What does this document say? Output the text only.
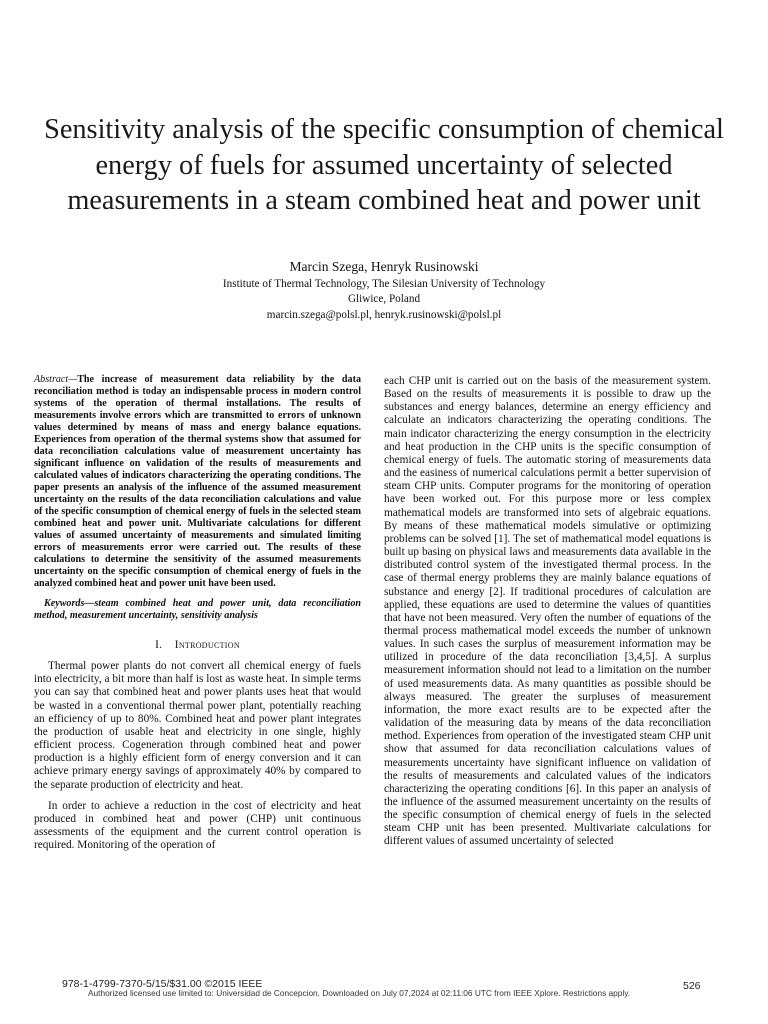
Sensitivity analysis of the specific consumption of chemical energy of fuels for assumed uncertainty of selected measurements in a steam combined heat and power unit
Marcin Szega, Henryk Rusinowski
Institute of Thermal Technology, The Silesian University of Technology
Gliwice, Poland
marcin.szega@polsl.pl, henryk.rusinowski@polsl.pl

Abstract—The increase of measurement data reliability by the data reconciliation method is today an indispensable process in modern control systems of the operation of thermal installations. The results of measurements involve errors which are transmitted to errors of unknown values determined by means of mass and energy balance equations. Experiences from operation of the thermal systems show that assumed for data reconciliation calculations value of measurement uncertainty has significant influence on validation of the results of measurements and calculated values of indicators characterizing the operating conditions. The paper presents an analysis of the influence of the assumed measurement uncertainty on the results of the data reconciliation calculations and value of the specific consumption of chemical energy of fuels in the selected steam combined heat and power unit. Multivariate calculations for different values of assumed uncertainty of measurements and simulated limiting errors of measurements error were carried out. The results of these calculations to determine the sensitivity of the assumed measurements uncertainty on the specific consumption of chemical energy of fuels in the analyzed combined heat and power unit have been used.

Keywords—steam combined heat and power unit, data reconciliation method, measurement uncertainty, sensitivity analysis

I. Introduction

Thermal power plants do not convert all chemical energy of fuels into electricity, a bit more than half is lost as waste heat. In simple terms you can say that combined heat and power plants uses heat that would be wasted in a conventional thermal power plant, potentially reaching an efficiency of up to 80%. Combined heat and power plant integrates the production of usable heat and electricity in one single, highly efficient process. Cogeneration through combined heat and power production is a highly efficient form of energy conversion and it can achieve primary energy savings of approximately 40% by compared to the separate production of electricity and heat.

In order to achieve a reduction in the cost of electricity and heat produced in combined heat and power (CHP) unit continuous assessments of the equipment and the current control operation is required. Monitoring of the operation of

each CHP unit is carried out on the basis of the measurement system. Based on the results of measurements it is possible to draw up the substances and energy balances, determine an energy efficiency and calculate an indicators characterizing the operating conditions. The main indicator characterizing the energy consumption in the electricity and heat production in the CHP units is the specific consumption of chemical energy of fuels. The automatic storing of measurements data and the easiness of numerical calculations permit a better supervision of steam CHP units. Computer programs for the monitoring of operation have been worked out. For this purpose more or less complex mathematical models are transformed into sets of algebraic equations. By means of these mathematical models simulative or optimizing problems can be solved [1]. The set of mathematical model equations is built up basing on physical laws and measurements data available in the distributed control system of the investigated thermal process. In the case of thermal energy problems they are mainly balance equations of substance and energy [2]. If traditional procedures of calculation are applied, these equations are used to determine the values of quantities that have not been measured. Very often the number of equations of the thermal process mathematical model exceeds the number of unknown values. In such cases the surplus of measurement information may be utilized in procedure of the data reconciliation [3,4,5]. A surplus measurement information should not lead to a limitation on the number of used measurements data. As many quantities as possible should be always measured. The greater the surpluses of measurement information, the more exact results are to be expected after the validation of the measuring data by means of the data reconciliation method. Experiences from operation of the investigated steam CHP unit show that assumed for data reconciliation calculations values of measurements uncertainty have significant influence on validation of the results of measurements and calculated values of the indicators characterizing the operating conditions [6]. In this paper an analysis of the influence of the assumed measurement uncertainty on the results of the specific consumption of chemical energy of fuels in the selected steam CHP unit has been presented. Multivariate calculations for different values of assumed uncertainty of selected

978-1-4799-7370-5/15/$31.00 ©2015 IEEE	526
Authorized licensed use limited to: Universidad de Concepcion. Downloaded on July 07,2024 at 02:11:06 UTC from IEEE Xplore. Restrictions apply.
